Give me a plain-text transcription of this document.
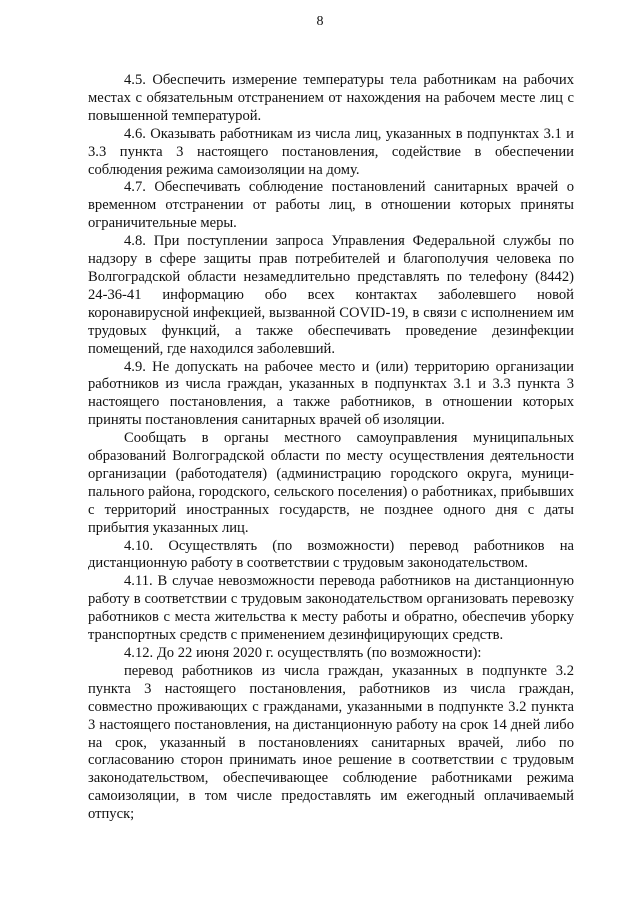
8

4.5. Обеспечить измерение температуры тела работникам на рабочих местах с обязательным отстранением от нахождения на рабочем месте лиц с повышенной температурой.

4.6. Оказывать работникам из числа лиц, указанных в подпунктах 3.1 и 3.3 пункта 3 настоящего постановления, содействие в обеспечении соблюдения режима самоизоляции на дому.

4.7. Обеспечивать соблюдение постановлений санитарных врачей о временном отстранении от работы лиц, в отношении которых приняты ограничительные меры.

4.8. При поступлении запроса Управления Федеральной службы по надзору в сфере защиты прав потребителей и благополучия человека по Волгоградской области незамедлительно представлять по телефону (8442) 24-36-41 информацию обо всех контактах заболевшего новой коронавирусной инфекцией, вызванной COVID-19, в связи с исполнением им трудовых функций, а также обеспечивать проведение дезинфекции помещений, где находился заболевший.

4.9. Не допускать на рабочее место и (или) территорию организации работников из числа граждан, указанных в подпунктах 3.1 и 3.3 пункта 3 настоящего постановления, а также работников, в отношении которых приняты постановления санитарных врачей об изоляции.

Сообщать в органы местного самоуправления муниципальных образований Волгоградской области по месту осуществления деятельности организации (работодателя) (администрацию городского округа, муниципального района, городского, сельского поселения) о работниках, прибывших с территорий иностранных государств, не позднее одного дня с даты прибытия указанных лиц.

4.10. Осуществлять (по возможности) перевод работников на дистанционную работу в соответствии с трудовым законодательством.

4.11. В случае невозможности перевода работников на дистанционную работу в соответствии с трудовым законодательством организовать перевозку работников с места жительства к месту работы и обратно, обеспечив уборку транспортных средств с применением дезинфицирующих средств.

4.12. До 22 июня 2020 г. осуществлять (по возможности):

перевод работников из числа граждан, указанных в подпункте 3.2 пункта 3 настоящего постановления, работников из числа граждан, совместно проживающих с гражданами, указанными в подпункте 3.2 пункта 3 настоящего постановления, на дистанционную работу на срок 14 дней либо на срок, указанный в постановлениях санитарных врачей, либо по согласованию сторон принимать иное решение в соответствии с трудовым законодательством, обеспечивающее соблюдение работниками режима самоизоляции, в том числе предоставлять им ежегодный оплачиваемый отпуск;
